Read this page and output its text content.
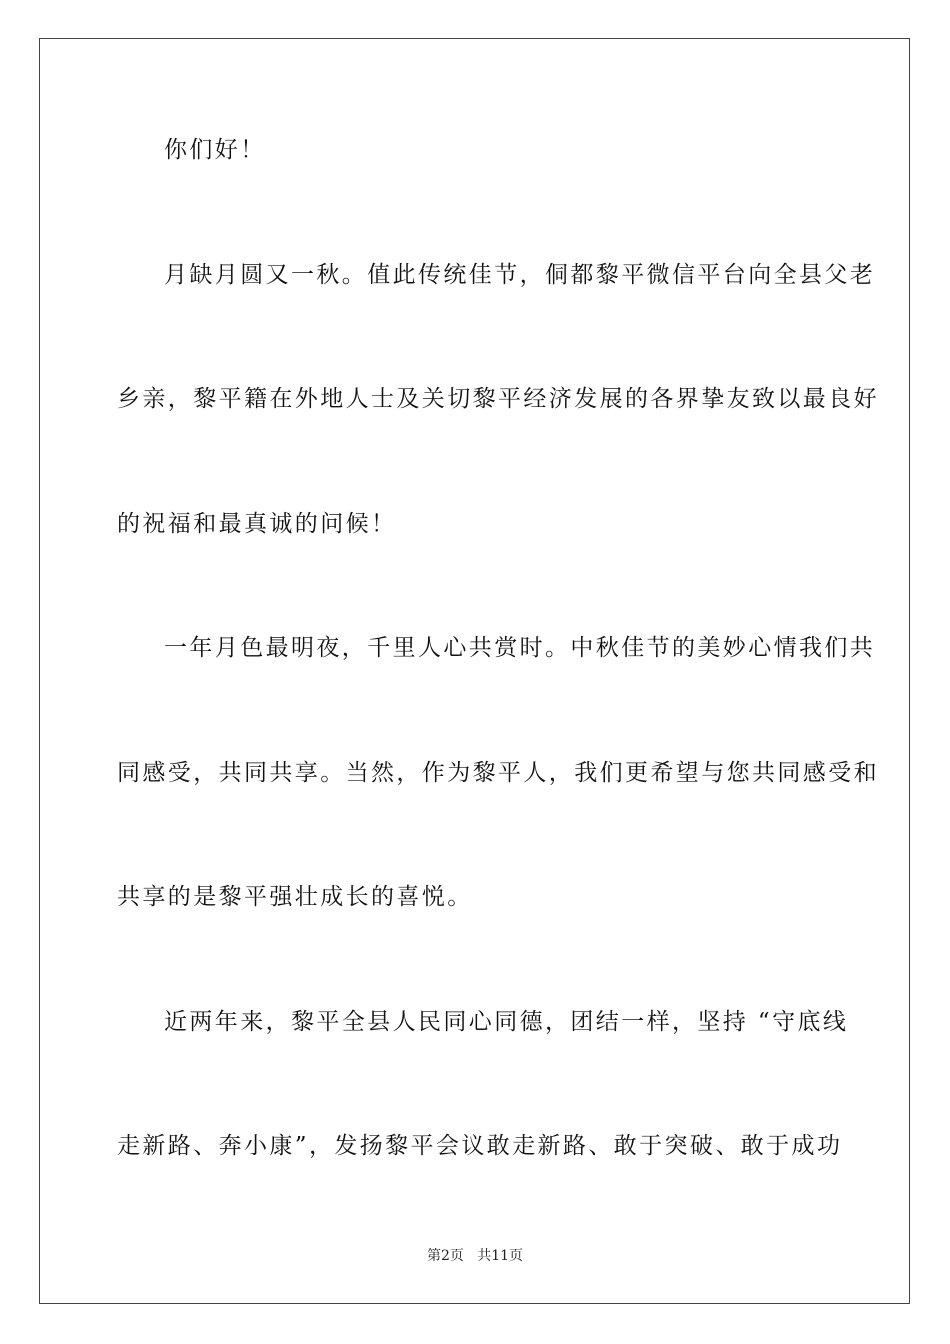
你们好！
月缺月圆又一秋。值此传统佳节，侗都黎平微信平台向全县父老
乡亲，黎平籍在外地人士及关切黎平经济发展的各界挚友致以最良好
的祝福和最真诚的问候！
一年月色最明夜，千里人心共赏时。中秋佳节的美妙心情我们共
同感受，共同共享。当然，作为黎平人，我们更希望与您共同感受和
共享的是黎平强壮成长的喜悦。
近两年来，黎平全县人民同心同德，团结一样，坚持 “守底线
走新路、奔小康”，发扬黎平会议敢走新路、敢于突破、敢于成功
第2页   共11页
